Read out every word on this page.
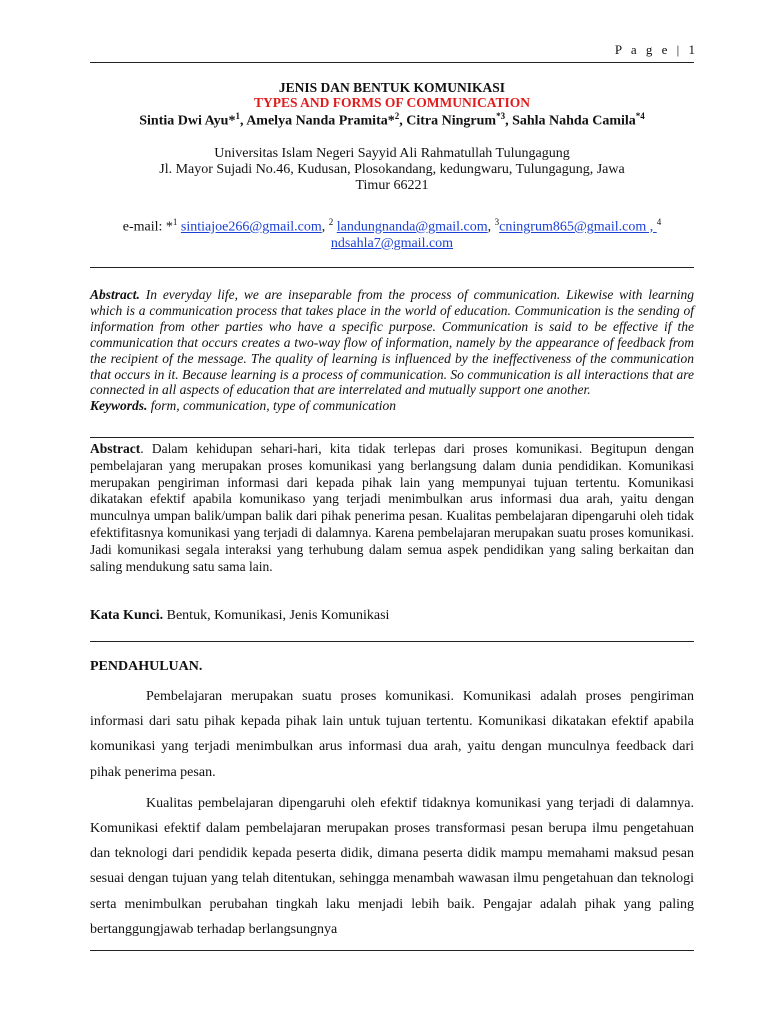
P a g e | 1
JENIS DAN BENTUK KOMUNIKASI
TYPES AND FORMS OF COMMUNICATION
Sintia Dwi Ayu*$^1$, Amelya Nanda Pramita*$^2$, Citra Ningrum$^{*3}$, Sahla Nahda Camila$^{*4}$
Universitas Islam Negeri Sayyid Ali Rahmatullah Tulungagung
Jl. Mayor Sujadi No.46, Kudusan, Plosokandang, kedungwaru, Tulungagung, Jawa
Timur 66221
e-mail: *$^1$ sintiajoe266@gmail.com, $^2$ landungnanda@gmail.com, $^3$cningrum865@gmail.com , $^4$
ndsahla7@gmail.com
Abstract. In everyday life, we are inseparable from the process of communication. Likewise with learning which is a communication process that takes place in the world of education. Communication is the sending of information from other parties who have a specific purpose. Communication is said to be effective if the communication that occurs creates a two-way flow of information, namely by the appearance of feedback from the recipient of the message. The quality of learning is influenced by the ineffectiveness of the communication that occurs in it. Because learning is a process of communication. So communication is all interactions that are connected in all aspects of education that are interrelated and mutually support one another.
Keywords. form, communication, type of communication
Abstract. Dalam kehidupan sehari-hari, kita tidak terlepas dari proses komunikasi. Begitupun dengan pembelajaran yang merupakan proses komunikasi yang berlangsung dalam dunia pendidikan. Komunikasi merupakan pengiriman informasi dari kepada pihak lain yang mempunyai tujuan tertentu. Komunikasi dikatakan efektif apabila komunikaso yang terjadi menimbulkan arus informasi dua arah, yaitu dengan munculnya umpan balik/umpan balik dari pihak penerima pesan. Kualitas pembelajaran dipengaruhi oleh tidak efektifitasnya komunikasi yang terjadi di dalamnya. Karena pembelajaran merupakan suatu proses komunikasi. Jadi komunikasi segala interaksi yang terhubung dalam semua aspek pendidikan yang saling berkaitan dan saling mendukung satu sama lain.
Kata Kunci. Bentuk, Komunikasi, Jenis Komunikasi
PENDAHULUAN.

Pembelajaran merupakan suatu proses komunikasi. Komunikasi adalah proses pengiriman informasi dari satu pihak kepada pihak lain untuk tujuan tertentu. Komunikasi dikatakan efektif apabila komunikasi yang terjadi menimbulkan arus informasi dua arah, yaitu dengan munculnya feedback dari pihak penerima pesan.

Kualitas pembelajaran dipengaruhi oleh efektif tidaknya komunikasi yang terjadi di dalamnya. Komunikasi efektif dalam pembelajaran merupakan proses transformasi pesan berupa ilmu pengetahuan dan teknologi dari pendidik kepada peserta didik, dimana peserta didik mampu memahami maksud pesan sesuai dengan tujuan yang telah ditentukan, sehingga menambah wawasan ilmu pengetahuan dan teknologi serta menimbulkan perubahan tingkah laku menjadi lebih baik. Pengajar adalah pihak yang paling bertanggungjawab terhadap berlangsungnya
